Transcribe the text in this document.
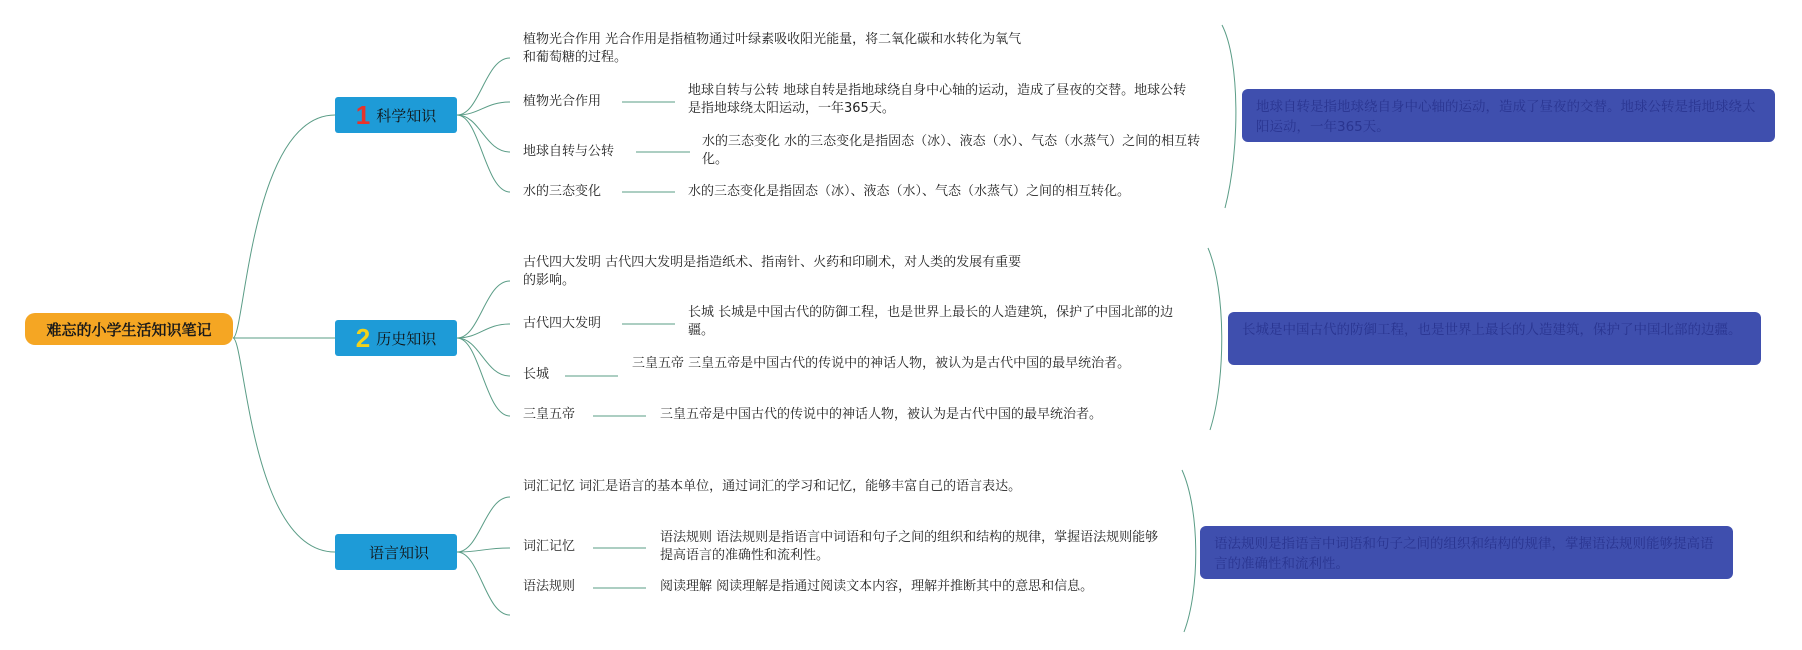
难忘的小学生活知识笔记
1 科学知识
植物光合作用 光合作用是指植物通过叶绿素吸收阳光能量，将二氧化碳和水转化为氧气和葡萄糖的过程。
植物光合作用
地球自转与公转
水的三态变化
地球自转与公转 地球自转是指地球绕自身中心轴的运动，造成了昼夜的交替。地球公转是指地球绕太阳运动，一年365天。
水的三态变化 水的三态变化是指固态（冰）、液态（水）、气态（水蒸气）之间的相互转化。
水的三态变化是指固态（冰）、液态（水）、气态（水蒸气）之间的相互转化。
地球自转是指地球绕自身中心轴的运动，造成了昼夜的交替。地球公转是指地球绕太阳运动，一年365天。
2 历史知识
古代四大发明 古代四大发明是指造纸术、指南针、火药和印刷术，对人类的发展有重要的影响。
古代四大发明
长城
三皇五帝
长城 长城是中国古代的防御工程，也是世界上最长的人造建筑，保护了中国北部的边疆。
三皇五帝 三皇五帝是中国古代的传说中的神话人物，被认为是古代中国的最早统治者。
三皇五帝是中国古代的传说中的神话人物，被认为是古代中国的最早统治者。
长城是中国古代的防御工程，也是世界上最长的人造建筑，保护了中国北部的边疆。
语言知识
词汇记忆 词汇是语言的基本单位，通过词汇的学习和记忆，能够丰富自己的语言表达。
词汇记忆
语法规则
语法规则 语法规则是指语言中词语和句子之间的组织和结构的规律，掌握语法规则能够提高语言的准确性和流利性。
阅读理解 阅读理解是指通过阅读文本内容，理解并推断其中的意思和信息。
语法规则是指语言中词语和句子之间的组织和结构的规律，掌握语法规则能够提高语言的准确性和流利性。
